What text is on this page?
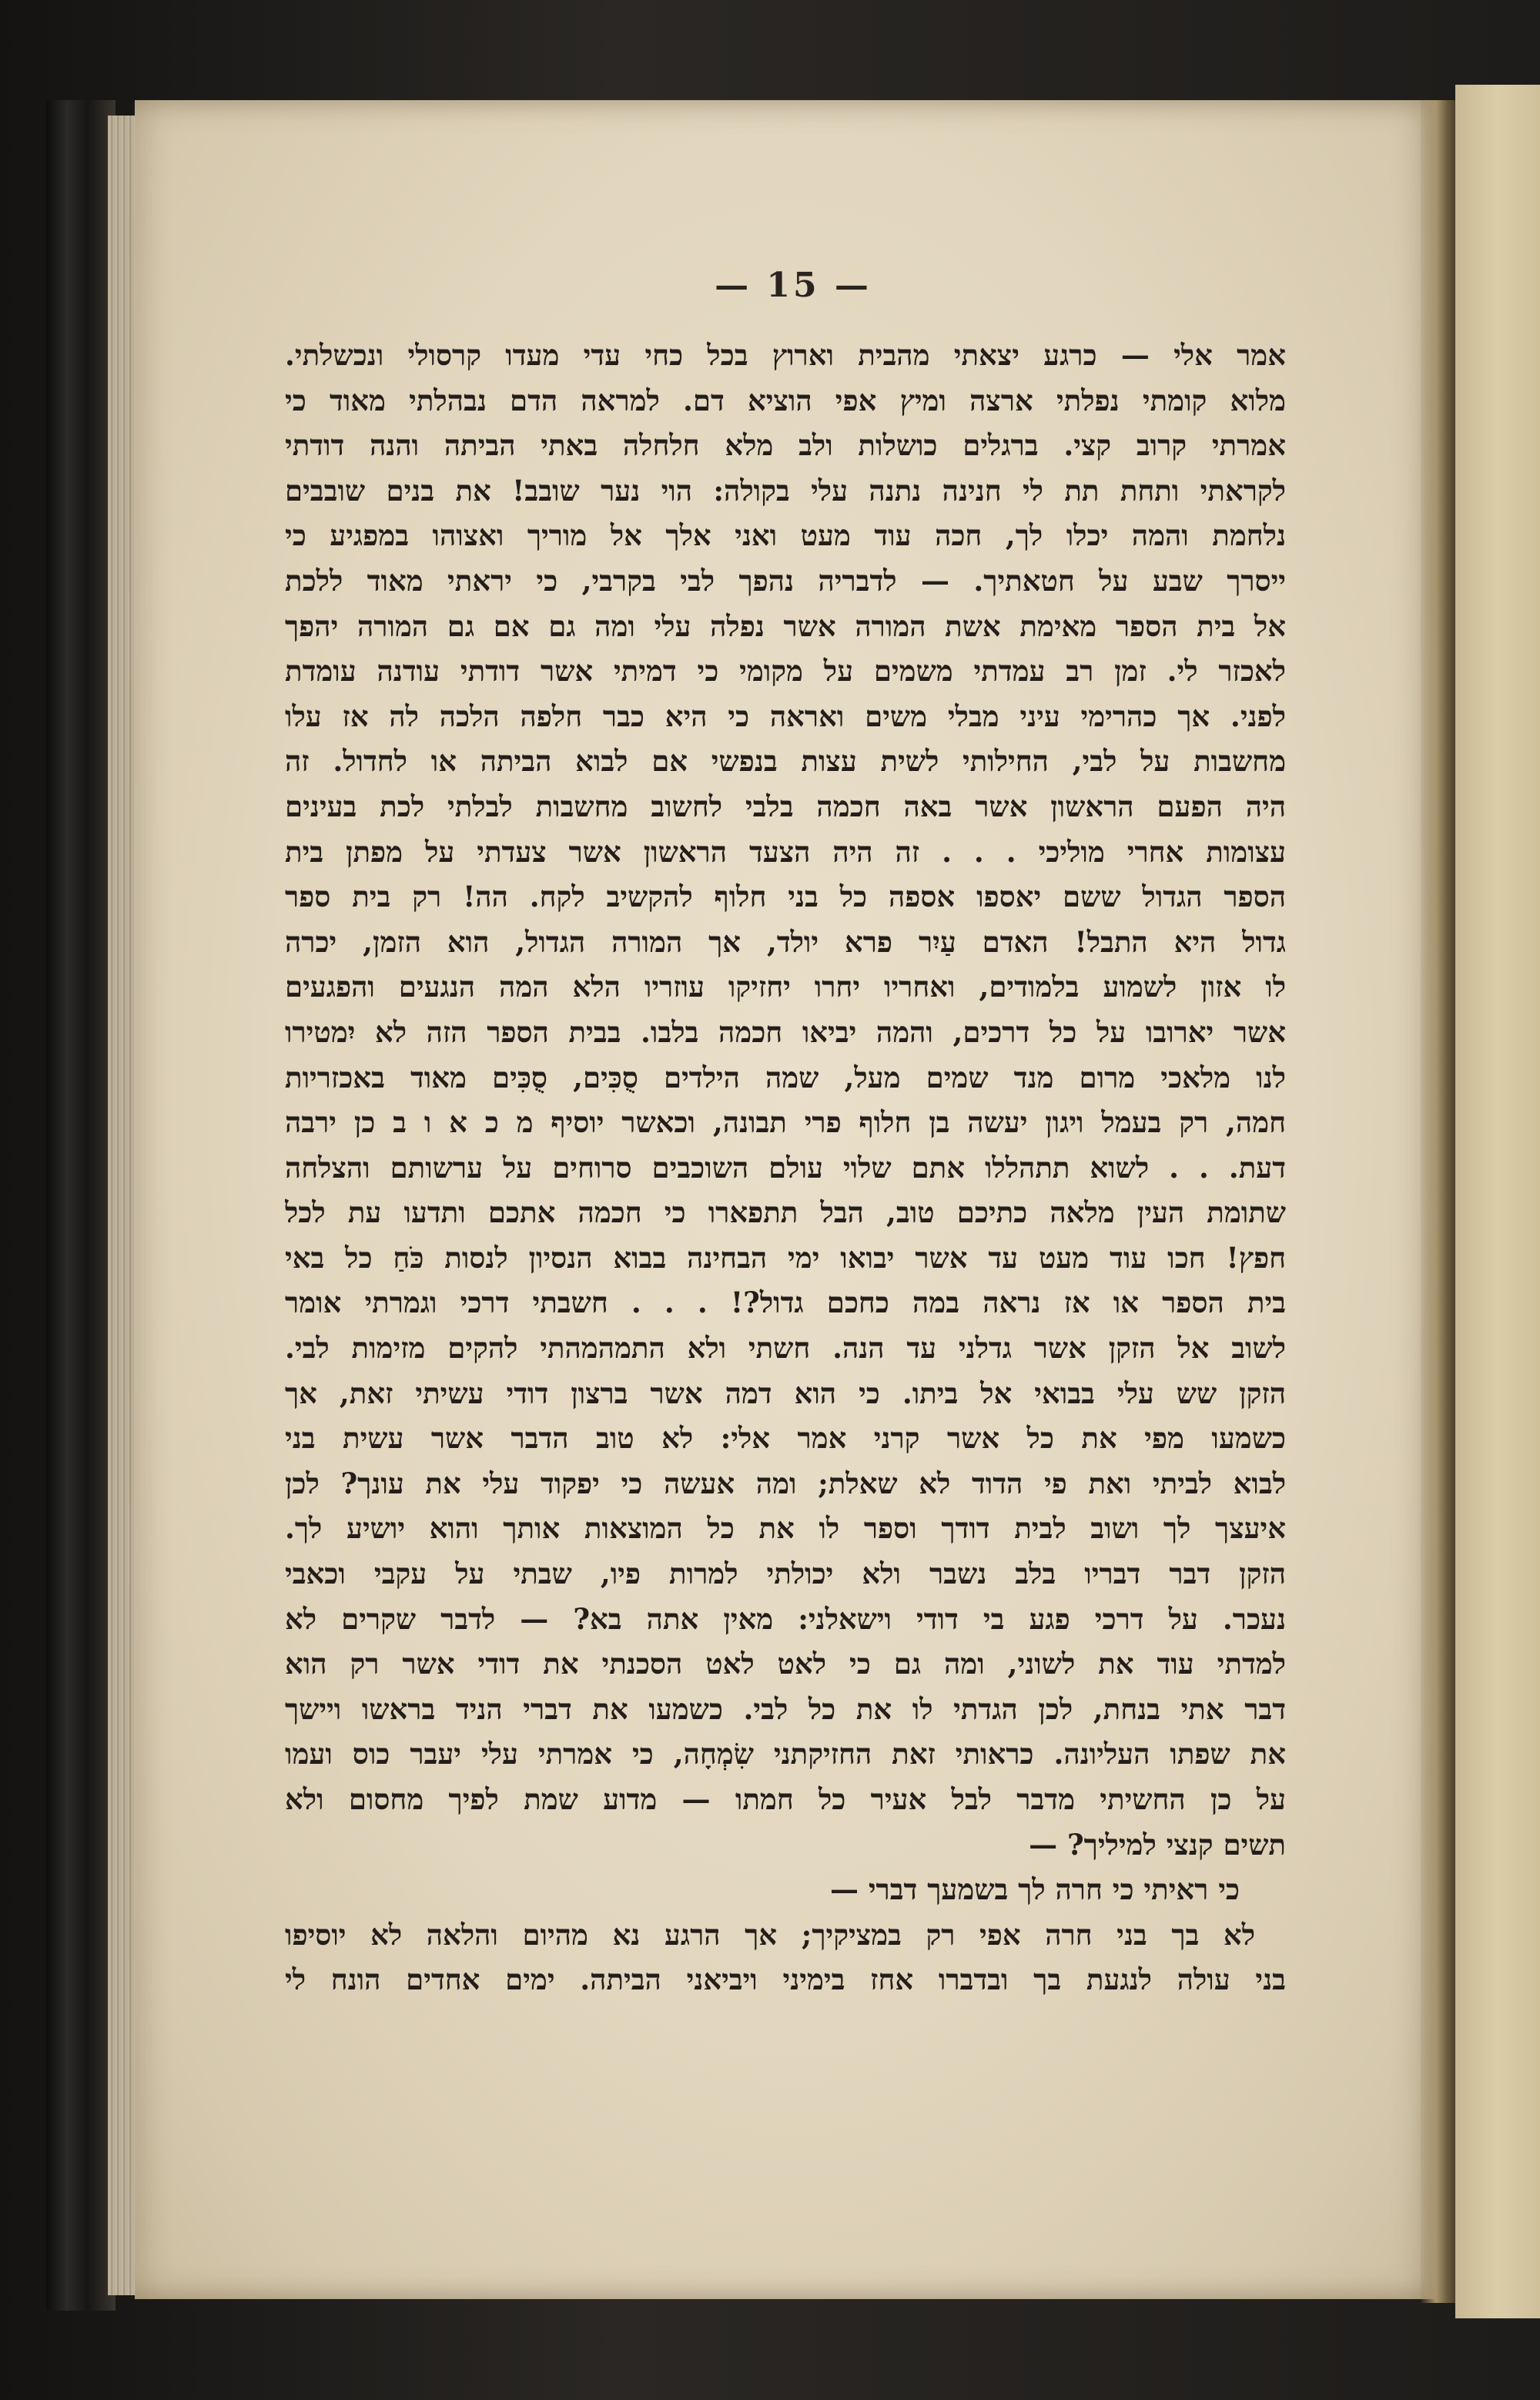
— 15 —
אמר אלי — כרגע יצאתי מהבית וארוץ בכל כחי עדי מעדו קרסולי ונכשלתי.
מלוא קומתי נפלתי ארצה ומיץ אפי הוציא דם. למראה הדם נבהלתי מאוד כי
אמרתי קרוב קצי. ברגלים כושלות ולב מלא חלחלה באתי הביתה והנה דודתי
לקראתי ותחת תת לי חנינה נתנה עלי בקולה: הוי נער שובב! את בנים שובבים
נלחמת והמה יכלו לך, חכה עוד מעט ואני אלך אל מוריך ואצוהו במפגיע כי
ייסרך שבע על חטאתיך. — לדבריה נהפך לבי בקרבי, כי יראתי מאוד ללכת
אל בית הספר מאימת אשת המורה אשר נפלה עלי ומה גם אם גם המורה יהפך
לאכזר לי. זמן רב עמדתי משמים על מקומי כי דמיתי אשר דודתי עודנה עומדת
לפני. אך כהרימי עיני מבלי משים ואראה כי היא כבר חלפה הלכה לה אז עלו
מחשבות על לבי, החילותי לשית עצות בנפשי אם לבוא הביתה או לחדול. זה
היה הפעם הראשון אשר באה חכמה בלבי לחשוב מחשבות לבלתי לכת בעינים
עצומות אחרי מוליכי . . . זה היה הצעד הראשון אשר צעדתי על מפתן בית
הספר הגדול ששם יאספו אספה כל בני חלוף להקשיב לקח. הה! רק בית ספר
גדול היא התבל! האדם עַיִר פרא יולד, אך המורה הגדול, הוא הזמן, יכרה
לו אזון לשמוע בלמודים, ואחריו יחרו יחזיקו עוזריו הלא המה הנגעים והפגעים
אשר יארובו על כל דרכים, והמה יביאו חכמה בלבו. בבית הספר הזה לא יִמטירו
לנו מלאכי מרום מנד שמים מעל, שמה הילדים סֻכִּים, סֻכִּים מאוד באכזריות
חמה, רק בעמל ויגון יעשה בן חלוף פרי תבונה, וכאשר יוסיף מ כ א ו ב כן ירבה
דעת. . . לשוא תתהללו אתם שלוי עולם השוכבים סרוחים על ערשותם והצלחה
שתומת העין מלאה כתיכם טוב, הבל תתפארו כי חכמה אתכם ותדעו עת לכל
חפץ! חכו עוד מעט עד אשר יבואו ימי הבחינה בבוא הנסיון לנסות כֹּחַ כל באי
בית הספר או אז נראה במה כחכם גדול?! . . . חשבתי דרכי וגמרתי אומר
לשוב אל הזקן אשר גדלני עד הנה. חשתי ולא התמהמהתי להקים מזימות לבי.
הזקן שש עלי בבואי אל ביתו. כי הוא דמה אשר ברצון דודי עשיתי זאת, אך
כשמעו מפי את כל אשר קרני אמר אלי: לא טוב הדבר אשר עשית בני
לבוא לביתי ואת פי הדוד לא שאלת; ומה אעשה כי יפקוד עלי את עונך? לכן
איעצך לך ושוב לבית דודך וספר לו את כל המוצאות אותך והוא יושיע לך.
הזקן דבר דבריו בלב נשבר ולא יכולתי למרות פיו, שבתי על עקבי וכאבי
נעכר. על דרכי פגע בי דודי וישאלני: מאין אתה בא? — לדבר שקרים לא
למדתי עוד את לשוני, ומה גם כי לאט לאט הסכנתי את דודי אשר רק הוא
דבר אתי בנחת, לכן הגדתי לו את כל לבי. כשמעו את דברי הניד בראשו ויישך
את שפתו העליונה. כראותי זאת החזיקתני שִׂמְחָה, כי אמרתי עלי יעבר כוס ועמו
על כן החשיתי מדבר לבל אעיר כל חמתו — מדוע שמת לפיך מחסום ולא
תשים קנצי למיליך? —
כי ראיתי כי חרה לך בשמעך דברי —
לא בך בני חרה אפי רק במציקיך; אך הרגע נא מהיום והלאה לא יוסיפו
בני עולה לנגעת בך ובדברו אחז בימיני ויביאני הביתה. ימים אחדים הונח לי
